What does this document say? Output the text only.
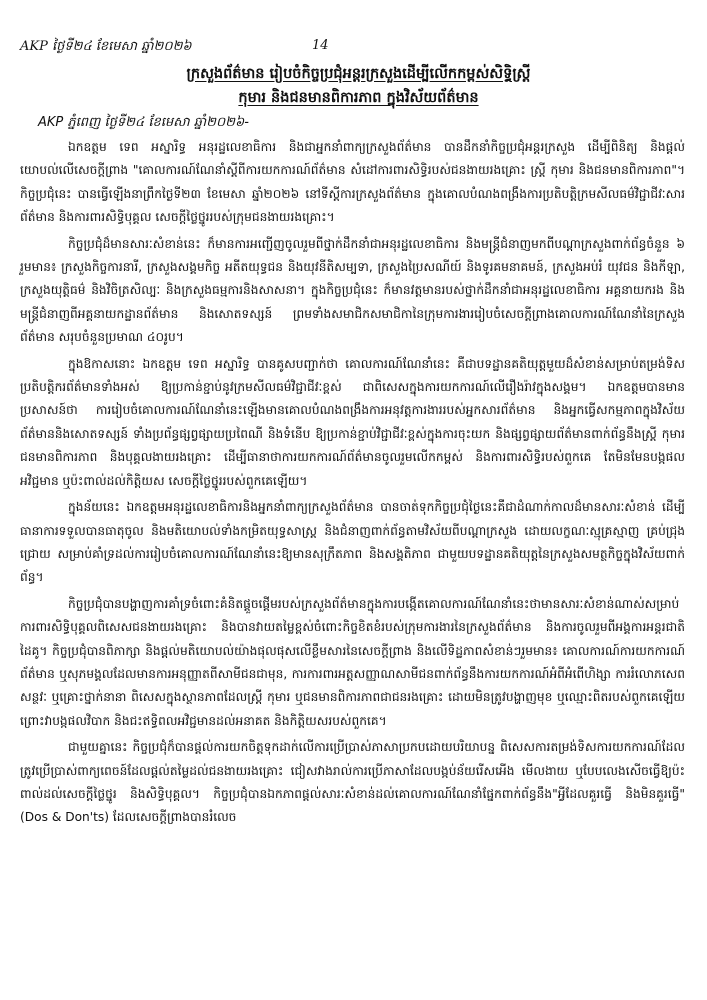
AKP ថ្ងៃទី២៤ ខែមេសា ឆ្នាំ២០២៦	14
ក្រសួងព័ត៌មាន រៀបចំកិច្ចប្រជុំអន្តរក្រសួងដើម្បីលើកកម្ពស់សិទ្ធិស្ត្រី
កុមារ និងជនមានពិការភាព ក្នុងវិស័យព័ត៌មាន
AKP ភ្នំពេញ ថ្ងៃទី២៤ ខែមេសា ឆ្នាំ២០២៦-

ឯកឧត្តម ទេព អស្នារិទ្ធ អនុរដ្ឋលេខាធិការ និងជាអ្នកនាំពាក្យក្រសួងព័ត៌មាន បានដឹកនាំកិច្ចប្រជុំអន្តរក្រសួង ដើម្បីពិនិត្យ និងផ្តល់យោបល់លើសេចក្តីព្រាង "គោលការណ៍ណែនាំស្តីពីការយកការណ៍ព័ត៌មាន សំដៅការពារសិទ្ធិរបស់ជនងាយរងគ្រោះ ស្ត្រី កុមារ និងជនមានពិការភាព"។ កិច្ចប្រជុំនេះ បានធ្វើឡើងនាព្រឹកថ្ងៃទី២៣ ខែមេសា ឆ្នាំ២០២៦ នៅទីស្តីការក្រសួងព័ត៌មាន ក្នុងគោលបំណងពង្រឹងការប្រតិបត្តិក្រមសីលធម៌វិជ្ជាជីវៈសារព័ត៌មាន និងការពារសិទ្ធិបុគ្គល សេចក្តីថ្លៃថ្នូររបស់ក្រុមជនងាយរងគ្រោះ។

កិច្ចប្រជុំដ៏មានសារៈសំខាន់នេះ ក៏មានការអញ្ជើញចូលរួមពីថ្នាក់ដឹកនាំជាអនុរដ្ឋលេខាធិការ និងមន្ត្រីជំនាញមកពីបណ្តាក្រសួងពាក់ព័ន្ធចំនួន ៦ រួមមាន៖ ក្រសួងកិច្ចការនារី, ក្រសួងសង្គមកិច្ច អតីតយុទ្ធជន និងយុវនីតិសម្បទា, ក្រសួងប្រៃសណីយ៍ និងទូរគមនាគមន៍, ក្រសួងអប់រំ យុវជន និងកីឡា, ក្រសួងយុត្តិធម៌ និងវិចិត្រសិល្បៈ និងក្រសួងធម្មការនិងសាសនា។ ក្នុងកិច្ចប្រជុំនេះ ក៏មានវត្តមានរបស់ថ្នាក់ដឹកនាំជាអនុរដ្ឋលេខាធិការ អគ្គនាយករង និងមន្ត្រីជំនាញពីអគ្គនាយកដ្ឋានព័ត៌មាន និងសោតទស្សន៍ ព្រមទាំងសមាជិកសមាជិកានៃក្រុមការងាររៀបចំសេចក្តីព្រាងគោលការណ៍ណែនាំនៃក្រសួងព័ត៌មាន សរុបចំនួនប្រមាណ ៤០រូប។

ក្នុងឱកាសនោះ ឯកឧត្តម ទេព អស្នារិទ្ធ បានគូសបញ្ជាក់ថា គោលការណ៍ណែនាំនេះ គឺជាបទដ្ឋានគតិយុត្តមួយដ៏សំខាន់សម្រាប់តម្រង់ទិសប្រតិបត្តិករព័ត៌មានទាំងអស់ ឱ្យប្រកាន់ខ្ជាប់នូវក្រមសីលធម៌វិជ្ជាជីវៈខ្ពស់ ជាពិសេសក្នុងការយកការណ៍លើរឿងរ៉ាវក្នុងសង្គម។ ឯកឧត្តមបានមានប្រសាសន៍ថា ការរៀបចំគោលការណ៍ណែនាំនេះឡើងមានគោលបំណងពង្រឹងការអនុវត្តការងាររបស់អ្នកសារព័ត៌មាន និងអ្នកធ្វើសកម្មភាពក្នុងវិស័យព័ត៌មាននិងសោតទស្សន៍ ទាំងប្រព័ន្ធផ្សព្វផ្សាយប្រពៃណី និងទំនើប ឱ្យប្រកាន់ខ្ជាប់វិជ្ជាជីវៈខ្ពស់ក្នុងការចុះយក និងផ្សព្វផ្សាយព័ត៌មានពាក់ព័ន្ធនឹងស្ត្រី កុមារ ជនមានពិការភាព និងបុគ្គលងាយរងគ្រោះ ដើម្បីធានាថាការយកការណ៍ព័ត៌មានចូលរួមលើកកម្ពស់ និងការពារសិទ្ធិរបស់ពួកគេ តែមិនមែនបង្កផលអវិជ្ជមាន ឬប៉ះពាល់ដល់កិត្តិយស សេចក្តីថ្លៃថ្នូររបស់ពួកគេឡើយ។

ក្នុងន័យនេះ ឯកឧត្តមអនុរដ្ឋលេខាធិការនិងអ្នកនាំពាក្យក្រសួងព័ត៌មាន បានចាត់ទុកកិច្ចប្រជុំថ្ងៃនេះគឺជាដំណាក់កាលដ៏មានសារៈសំខាន់ ដើម្បីធានាការទទួលបានធាតុចូល និងមតិយោបល់ទាំងកម្រិតយុទ្ធសាស្ត្រ និងជំនាញពាក់ព័ន្ធតាមវិស័យពីបណ្តាក្រសួង ដោយលក្ខណៈស្មុគ្រស្មាញ គ្រប់ជ្រុងជ្រោយ សម្រាប់គាំទ្រដល់ការរៀបចំគោលការណ៍ណែនាំនេះឱ្យមានសុក្រឹតភាព និងសង្គតិភាព ជាមួយបទដ្ឋានគតិយុត្តនៃក្រសួងសមត្ថកិច្ចក្នុងវិស័យពាក់ព័ន្ធ។

កិច្ចប្រជុំបានបង្ហាញការគាំទ្រចំពោះគំនិតផ្តួចផ្តើមរបស់ក្រសួងព័ត៌មានក្នុងការបង្កើតគោលការណ៍ណែនាំនេះថាមានសារៈសំខាន់ណាស់សម្រាប់ការពារសិទ្ធិបុគ្គលពិសេសជនងាយរងគ្រោះ និងបានវាយតម្លៃខ្ពស់ចំពោះកិច្ចខិតខំរបស់ក្រុមការងារនៃក្រសួងព័ត៌មាន និងការចូលរួមពីអង្គការអន្តរជាតិដៃគូ។ កិច្ចប្រជុំបានពិភាក្សា និងផ្តល់មតិយោបល់យ៉ាងផុលផុសលើខ្លឹមសារនៃសេចក្តីព្រាង និងលើទិដ្ឋភាពសំខាន់ៗរួមមាន៖ គោលការណ៍ការយកការណ៍ព័ត៌មាន ឬសុភមង្គលដែលមានការអនុញ្ញាតពីសាមីជនជាមុន, ការការពារអត្តសញ្ញាណសាមីជនពាក់ព័ន្ធនឹងការយកការណ៍អំពីអំពើហិង្សា ការរំលោភសេពសន្ថវៈ ឬគ្រោះថ្នាក់នានា ពិសេសក្នុងស្ថានភាពដែលស្ត្រី កុមារ ឬជនមានពិការភាពជាជនរងគ្រោះ ដោយមិនត្រូវបង្ហាញមុខ ឬឈ្មោះពិតរបស់ពួកគេឡើយ ព្រោះវាបង្កផលវិបាក និងជះឥទ្ធិពលអវិជ្ជមានដល់អនាគត និងកិត្តិយសរបស់ពួកគេ។

ជាមួយគ្នានេះ កិច្ចប្រជុំក៏បានផ្តល់ការយកចិត្តទុកដាក់លើការប្រើប្រាស់ភាសាប្រកបដោយបរិយាបន្ន ពិសេសការតម្រង់ទិសការយកការណ៍ដែលត្រូវប្រើប្រាស់ពាក្យពេចន៍ដែលផ្តល់តម្លៃដល់ជនងាយរងគ្រោះ ជៀសវាងរាល់ការប្រើភាសាដែលបង្កប់ន័យរើសអើង មើលងាយ ឬបែបលេងសើចធ្វើឱ្យប៉ះពាល់ដល់សេចក្តីថ្លៃថ្នូរ និងសិទ្ធិបុគ្គល។ កិច្ចប្រជុំបានឯកភាពផ្តល់សារៈសំខាន់ដល់គោលការណ៍ណែនាំផ្នែកពាក់ព័ន្ធនឹង"អ្វីដែលគួរធ្វើ និងមិនគួរធ្វើ" (Dos & Don'ts) ដែលសេចក្តីព្រាងបានរំលេច
